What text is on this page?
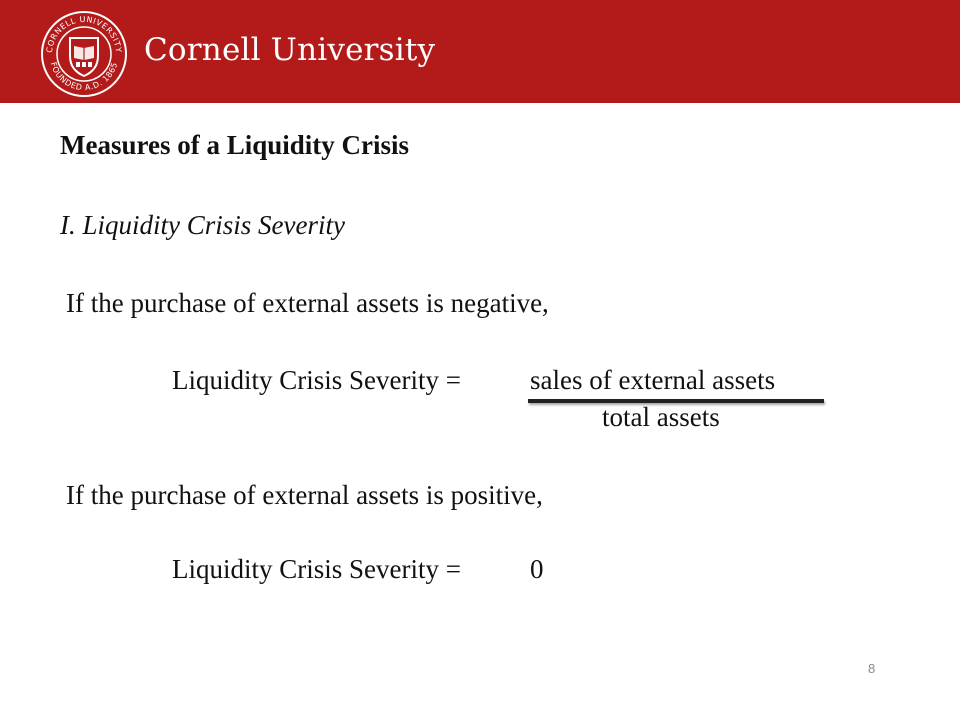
CORNELL UNIVERSITY
FOUNDED A.D. 1865 Cornell University
Measures of a Liquidity Crisis
I. Liquidity Crisis Severity
If the purchase of external assets is negative,
Liquidity Crisis Severity =	sales of external assets
total assets
If the purchase of external assets is positive,
Liquidity Crisis Severity =	0
8
